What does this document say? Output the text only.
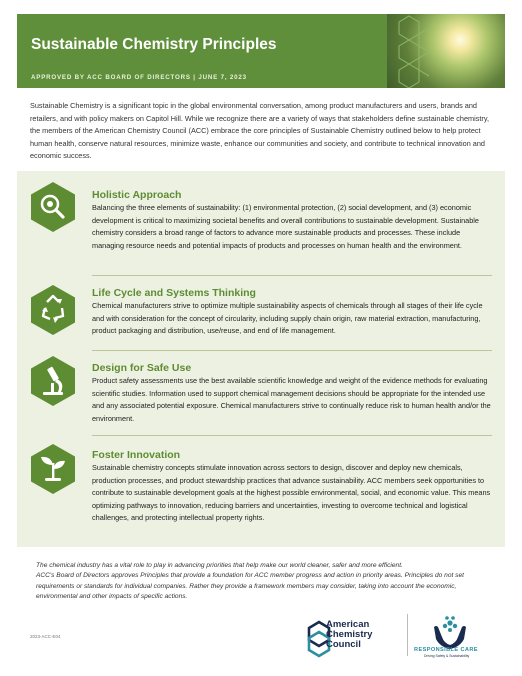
Sustainable Chemistry Principles
APPROVED BY ACC BOARD OF DIRECTORS | JUNE 7, 2023
Sustainable Chemistry is a significant topic in the global environmental conversation, among product manufacturers and users, brands and retailers, and with policy makers on Capitol Hill. While we recognize there are a variety of ways that stakeholders define sustainable chemistry, the members of the American Chemistry Council (ACC) embrace the core principles of Sustainable Chemistry outlined below to help protect human health, conserve natural resources, minimize waste, enhance our communities and society, and contribute to technical innovation and economic success.
Holistic Approach
Balancing the three elements of sustainability: (1) environmental protection, (2) social development, and (3) economic development is critical to maximizing societal benefits and overall contributions to sustainable development. Sustainable chemistry considers a broad range of factors to advance more sustainable products and processes. These include managing resource needs and potential impacts of products and processes on human health and the environment.
Life Cycle and Systems Thinking
Chemical manufacturers strive to optimize multiple sustainability aspects of chemicals through all stages of their life cycle and with consideration for the concept of circularity, including supply chain origin, raw material extraction, manufacturing, product packaging and distribution, use/reuse, and end of life management.
Design for Safe Use
Product safety assessments use the best available scientific knowledge and weight of the evidence methods for evaluating scientific studies. Information used to support chemical management decisions should be appropriate for the intended use and any associated potential exposure. Chemical manufacturers strive to continually reduce risk to human health and/or the environment.
Foster Innovation
Sustainable chemistry concepts stimulate innovation across sectors to design, discover and deploy new chemicals, production processes, and product stewardship practices that advance sustainability. ACC members seek opportunities to contribute to sustainable development goals at the highest possible environmental, social, and economic value. This means optimizing pathways to innovation, reducing barriers and uncertainties, investing to overcome technical and logistical challenges, and protecting intellectual property rights.

The chemical industry has a vital role to play in advancing priorities that help make our world cleaner, safer and more efficient.

ACC's Board of Directors approves Principles that provide a foundation for ACC member progress and action in priority areas. Principles do not set requirements or standards for individual companies. Rather they provide a framework members may consider, taking into account the economic, environmental and other impacts of specific actions.

2023-ACC-E04
American
Chemistry
Council	RESPONSIBLE CARE
Driving Safety & Sustainability
